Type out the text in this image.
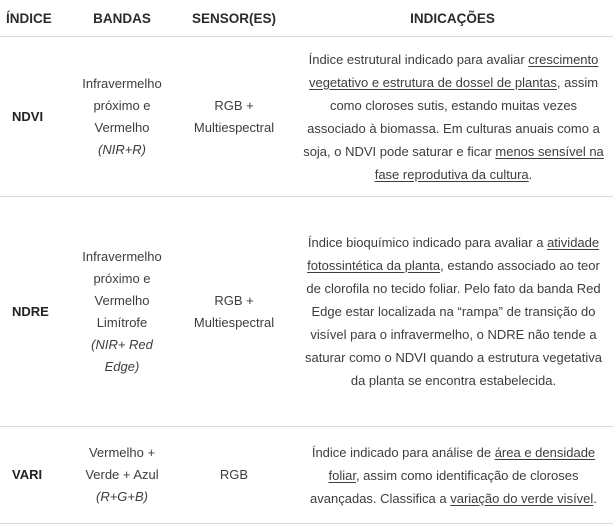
ÍNDICE	BANDAS	SENSOR(ES)	INDICAÇÕES
NDVI	Infravermelho próximo e Vermelho (NIR+R)	RGB + Multiespectral	Índice estrutural indicado para avaliar crescimento vegetativo e estrutura de dossel de plantas, assim como cloroses sutis, estando muitas vezes associado à biomassa. Em culturas anuais como a soja, o NDVI pode saturar e ficar menos sensível na fase reprodutiva da cultura.
NDRE	Infravermelho próximo e Vermelho Limítrofe (NIR+ Red Edge)	RGB + Multiespectral	Índice bioquímico indicado para avaliar a atividade fotossintética da planta, estando associado ao teor de clorofila no tecido foliar. Pelo fato da banda Red Edge estar localizada na “rampa” de transição do visível para o infravermelho, o NDRE não tende a saturar como o NDVI quando a estrutura vegetativa da planta se encontra estabelecida.
VARI	Vermelho + Verde + Azul (R+G+B)	RGB	Índice indicado para análise de área e densidade foliar, assim como identificação de cloroses avançadas. Classifica a variação do verde visível.
